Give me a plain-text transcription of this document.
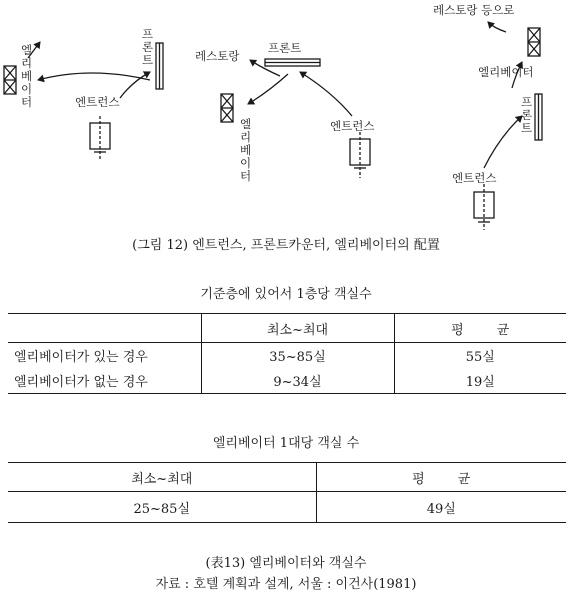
엘리베이터
프론트
엔트런스
레스토랑
프론트
엘리베이터
엔트런스
레스토랑 등으로
엘리베이터
프론트
엔트런스
(그림 12) 엔트런스, 프론트카운터, 엘리베이터의 配置
기준층에 있어서 1층당 객실수
	최소~최대	평        균
엘리베이터가 있는 경우	35~85실	55실
엘리베이터가 없는 경우	9~34실	19실
엘리베이터 1대당 객실 수
최소~최대	평        균
25~85실	49실
(表13) 엘리베이터와 객실수
자료 : 호텔 계획과 설계, 서울 : 이건사(1981)
